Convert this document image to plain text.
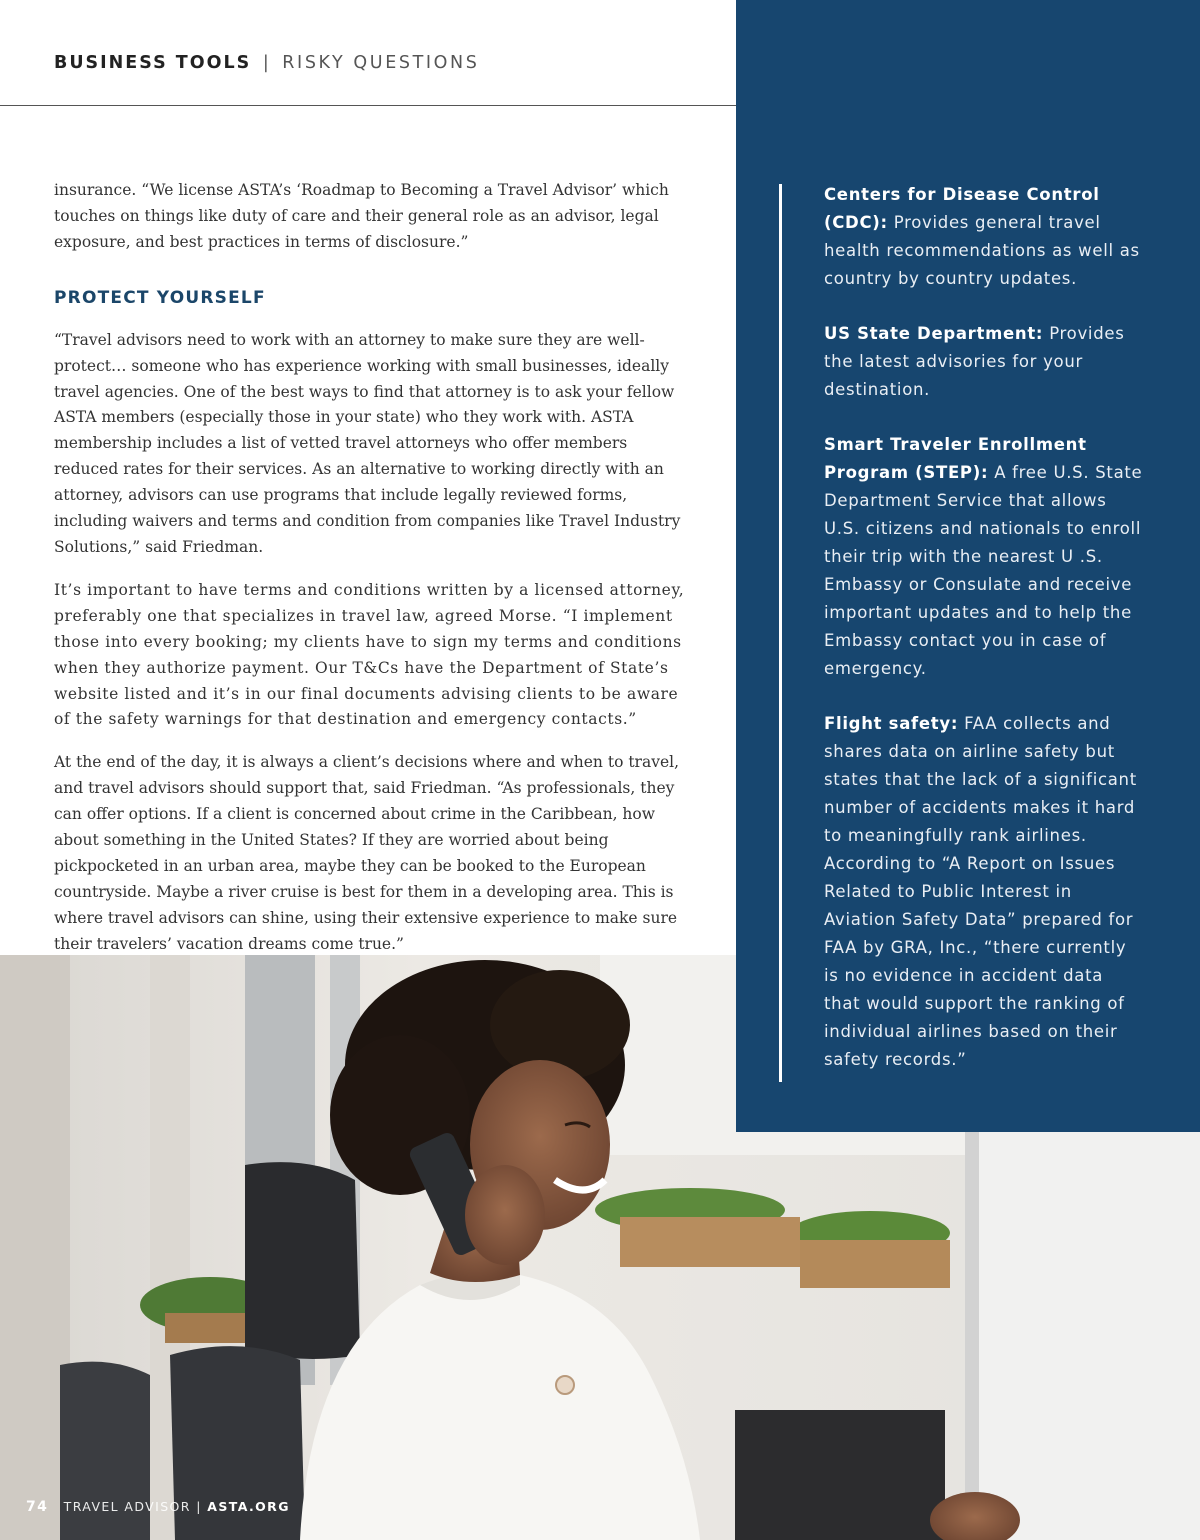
BUSINESS TOOLS | RISKY QUESTIONS

insurance. “We license ASTA’s ‘Roadmap to Becoming a Travel Advisor’ which touches on things like duty of care and their general role as an advisor, legal exposure, and best practices in terms of disclosure.”

PROTECT YOURSELF

“Travel advisors need to work with an attorney to make sure they are well-protect… someone who has experience working with small businesses, ideally travel agencies. One of the best ways to find that attorney is to ask your fellow ASTA members (especially those in your state) who they work with. ASTA membership includes a list of vetted travel attorneys who offer members reduced rates for their services. As an alternative to working directly with an attorney, advisors can use programs that include legally reviewed forms, including waivers and terms and condition from companies like Travel Industry Solutions,” said Friedman.

It’s important to have terms and conditions written by a licensed attorney, preferably one that specializes in travel law, agreed Morse. “I implement those into every booking; my clients have to sign my terms and conditions when they authorize payment. Our T&Cs have the Department of State’s website listed and it’s in our final documents advising clients to be aware of the safety warnings for that destination and emergency contacts.”

At the end of the day, it is always a client’s decisions where and when to travel, and travel advisors should support that, said Friedman. “As professionals, they can offer options. If a client is concerned about crime in the Caribbean, how about something in the United States? If they are worried about being pickpocketed in an urban area, maybe they can be booked to the European countryside. Maybe a river cruise is best for them in a developing area. This is where travel advisors can shine, using their extensive experience to make sure their travelers’ vacation dreams come true.”

Centers for Disease Control (CDC): Provides general travel health recommendations as well as country by country updates.

US State Department: Provides the latest advisories for your destination.

Smart Traveler Enrollment Program (STEP): A free U.S. State Department Service that allows U.S. citizens and nationals to enroll their trip with the nearest U .S. Embassy or Consulate and receive important updates and to help the Embassy contact you in case of emergency.

Flight safety: FAA collects and shares data on airline safety but states that the lack of a significant number of accidents makes it hard to meaningfully rank airlines. According to “A Report on Issues Related to Public Interest in Aviation Safety Data” prepared for FAA by GRA, Inc., “there currently is no evidence in accident data that would support the ranking of individual airlines based on their safety records.”

74 TRAVEL ADVISOR | ASTA.ORG
